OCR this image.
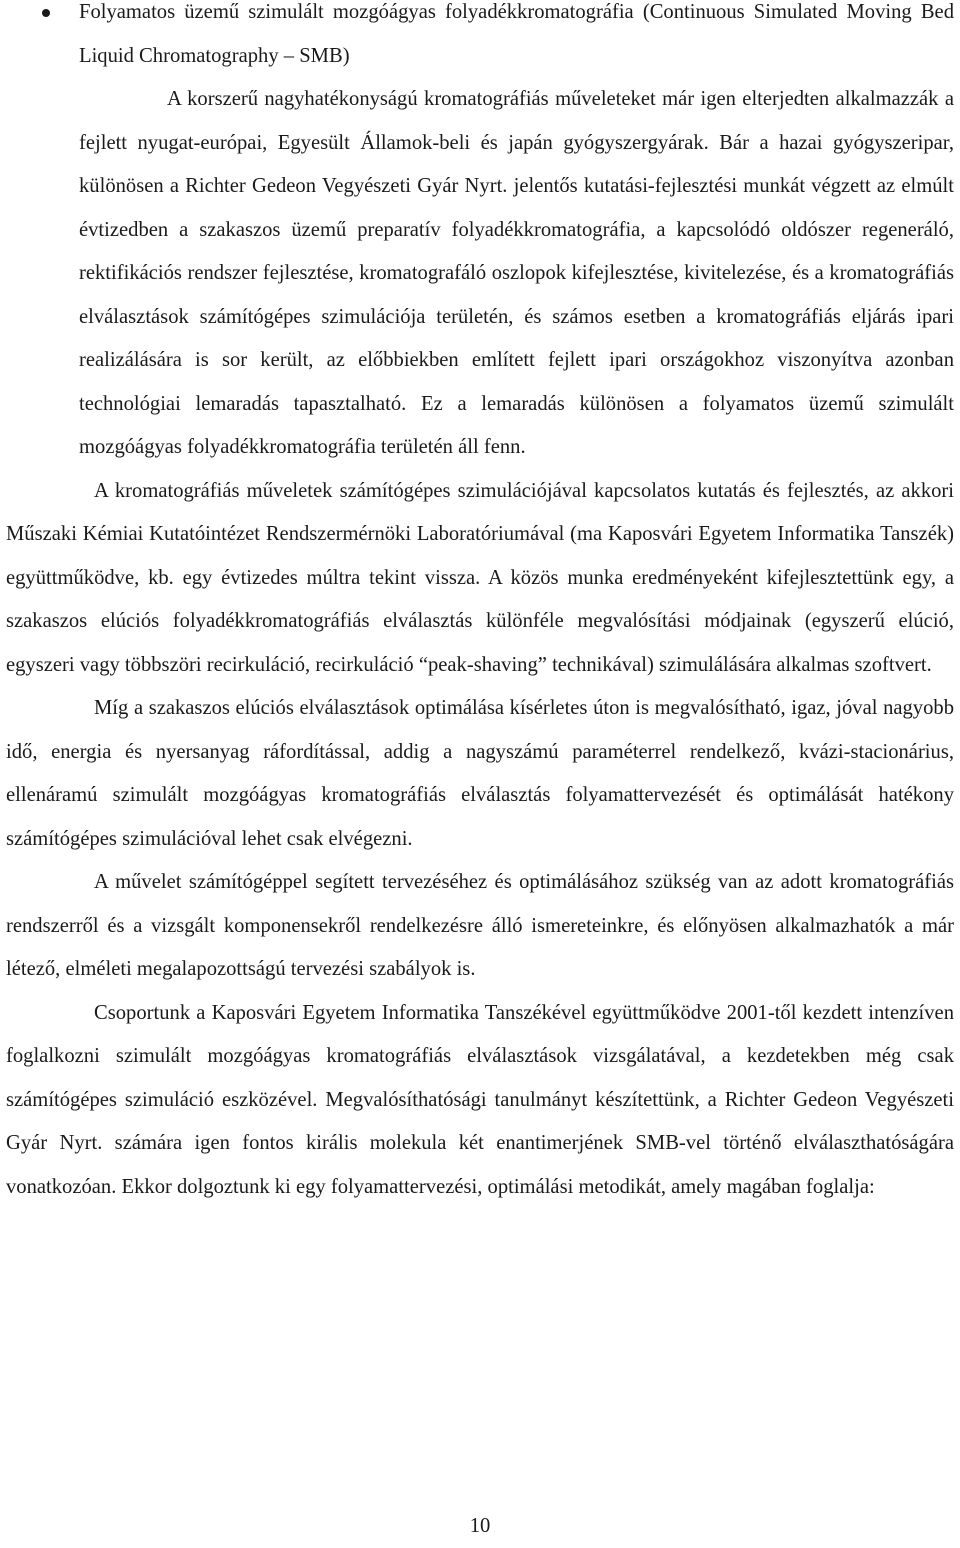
Folyamatos üzemű szimulált mozgóágyas folyadékkromatográfia (Continuous Simulated Moving Bed Liquid Chromatography – SMB)

A korszerű nagyhatékonyságú kromatográfiás műveleteket már igen elterjedten alkalmazzák a fejlett nyugat-európai, Egyesült Államok-beli és japán gyógyszergyárak. Bár a hazai gyógyszeripar, különösen a Richter Gedeon Vegyészeti Gyár Nyrt. jelentős kutatási-fejlesztési munkát végzett az elmúlt évtizedben a szakaszos üzemű preparatív folyadékkromatográfia, a kapcsolódó oldószer regeneráló, rektifikációs rendszer fejlesztése, kromatografáló oszlopok kifejlesztése, kivitelezése, és a kromatográfiás elválasztások számítógépes szimulációja területén, és számos esetben a kromatográfiás eljárás ipari realizálására is sor került, az előbbiekben említett fejlett ipari országokhoz viszonyítva azonban technológiai lemaradás tapasztalható. Ez a lemaradás különösen a folyamatos üzemű szimulált mozgóágyas folyadékkromatográfia területén áll fenn.

A kromatográfiás műveletek számítógépes szimulációjával kapcsolatos kutatás és fejlesztés, az akkori Műszaki Kémiai Kutatóintézet Rendszermérnöki Laboratóriumával (ma Kaposvári Egyetem Informatika Tanszék) együttműködve, kb. egy évtizedes múltra tekint vissza. A közös munka eredményeként kifejlesztettünk egy, a szakaszos elúciós folyadékkromatográfiás elválasztás különféle megvalósítási módjainak (egyszerű elúció, egyszeri vagy többszöri recirkuláció, recirkuláció “peak-shaving” technikával) szimulálására alkalmas szoftvert.

Míg a szakaszos elúciós elválasztások optimálása kísérletes úton is megvalósítható, igaz, jóval nagyobb idő, energia és nyersanyag ráfordítással, addig a nagyszámú paraméterrel rendelkező, kvázi-stacionárius, ellenáramú szimulált mozgóágyas kromatográfiás elválasztás folyamattervezését és optimálását hatékony számítógépes szimulációval lehet csak elvégezni.

A művelet számítógéppel segített tervezéséhez és optimálásához szükség van az adott kromatográfiás rendszerről és a vizsgált komponensekről rendelkezésre álló ismereteinkre, és előnyösen alkalmazhatók a már létező, elméleti megalapozottságú tervezési szabályok is.

Csoportunk a Kaposvári Egyetem Informatika Tanszékével együttműködve 2001-től kezdett intenzíven foglalkozni szimulált mozgóágyas kromatográfiás elválasztások vizsgálatával, a kezdetekben még csak számítógépes szimuláció eszközével. Megvalósíthatósági tanulmányt készítettünk, a Richter Gedeon Vegyészeti Gyár Nyrt. számára igen fontos királis molekula két enantimerjének SMB-vel történő elválaszthatóságára vonatkozóan. Ekkor dolgoztunk ki egy folyamattervezési, optimálási metodikát, amely magában foglalja:

10
